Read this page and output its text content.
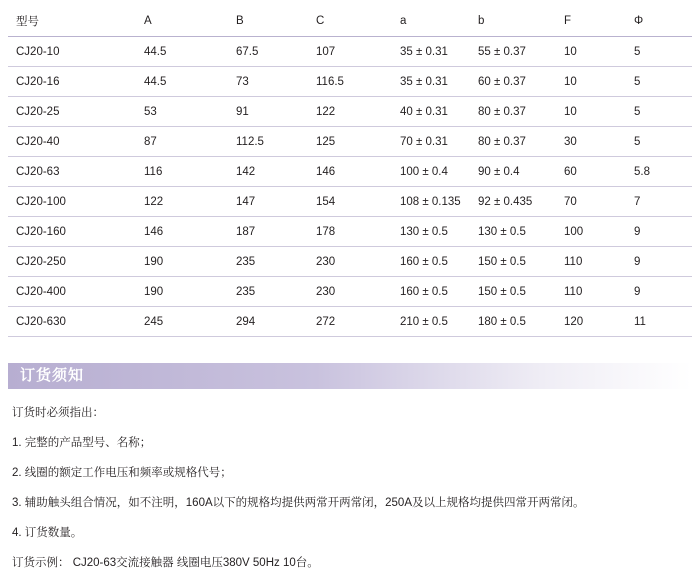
型号	A	B	C	a	b	F	Φ
CJ20-10	44.5	67.5	107	35 ± 0.31	55 ± 0.37	10	5
CJ20-16	44.5	73	116.5	35 ± 0.31	60 ± 0.37	10	5
CJ20-25	53	91	122	40 ± 0.31	80 ± 0.37	10	5
CJ20-40	87	112.5	125	70 ± 0.31	80 ± 0.37	30	5
CJ20-63	116	142	146	100 ± 0.4	90 ± 0.4	60	5.8
CJ20-100	122	147	154	108 ± 0.135	92 ± 0.435	70	7
CJ20-160	146	187	178	130 ± 0.5	130 ± 0.5	100	9
CJ20-250	190	235	230	160 ± 0.5	150 ± 0.5	110	9
CJ20-400	190	235	230	160 ± 0.5	150 ± 0.5	110	9
CJ20-630	245	294	272	210 ± 0.5	180 ± 0.5	120	11
订货须知

订货时必须指出：

1. 完整的产品型号、名称；

2. 线圈的额定工作电压和频率或规格代号；

3. 辅助触头组合情况，如不注明，160A以下的规格均提供两常开两常闭，250A及以上规格均提供四常开两常闭。

4. 订货数量。

订货示例： CJ20-63交流接触器 线圈电压380V 50Hz 10台。
